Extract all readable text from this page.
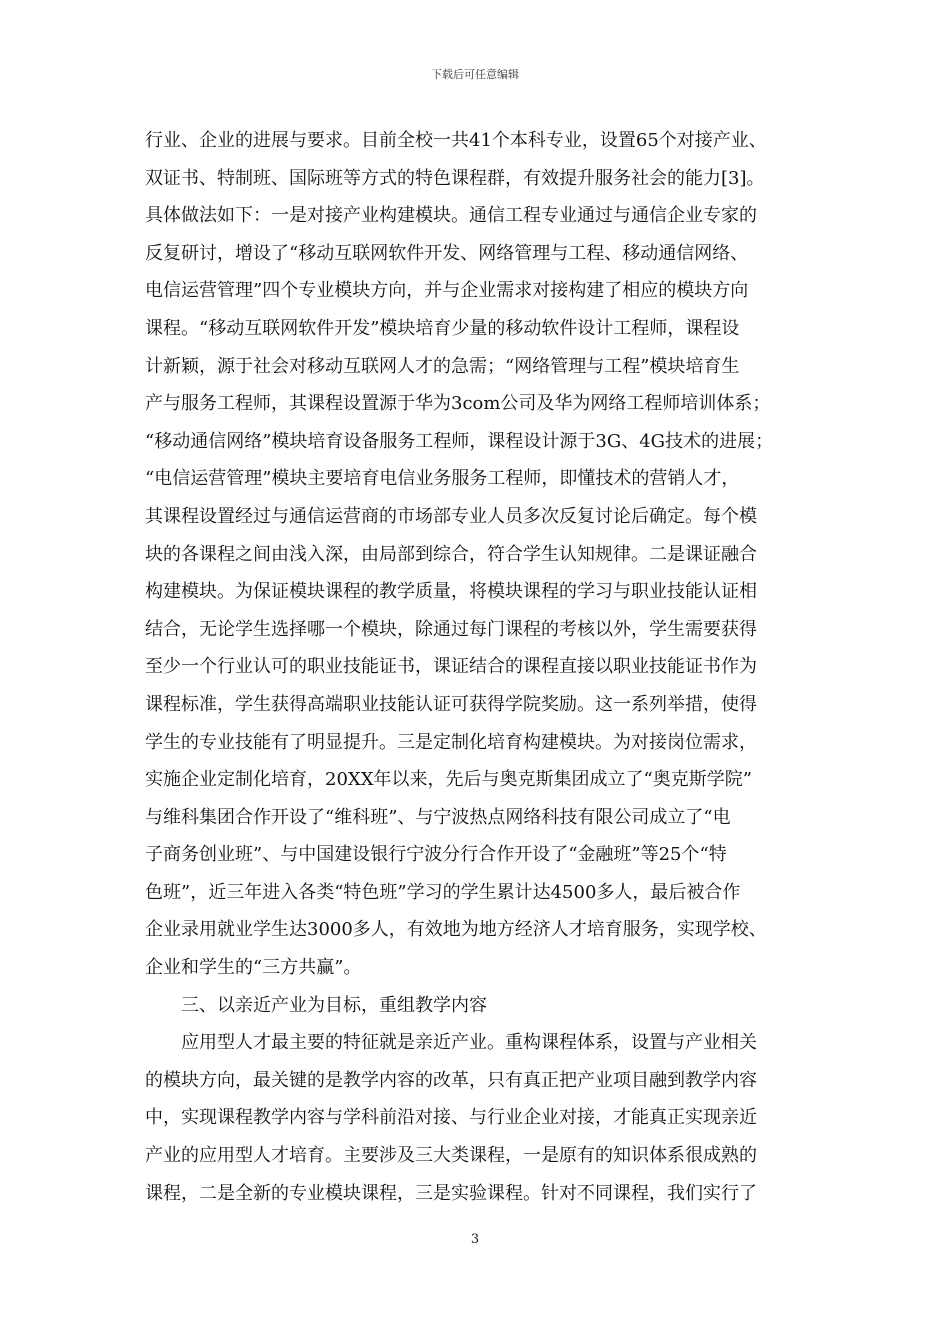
下载后可任意编辑
行业、企业的进展与要求。目前全校一共41个本科专业，设置65个对接产业、
双证书、特制班、国际班等方式的特色课程群，有效提升服务社会的能力[3]。
具体做法如下：一是对接产业构建模块。通信工程专业通过与通信企业专家的
反复研讨，增设了“移动互联网软件开发、网络管理与工程、移动通信网络、
电信运营管理”四个专业模块方向，并与企业需求对接构建了相应的模块方向
课程。“移动互联网软件开发”模块培育少量的移动软件设计工程师，课程设
计新颖，源于社会对移动互联网人才的急需；“网络管理与工程”模块培育生
产与服务工程师，其课程设置源于华为3com公司及华为网络工程师培训体系；
“移动通信网络”模块培育设备服务工程师，课程设计源于3G、4G技术的进展；
“电信运营管理”模块主要培育电信业务服务工程师，即懂技术的营销人才，
其课程设置经过与通信运营商的市场部专业人员多次反复讨论后确定。每个模
块的各课程之间由浅入深，由局部到综合，符合学生认知规律。二是课证融合
构建模块。为保证模块课程的教学质量，将模块课程的学习与职业技能认证相
结合，无论学生选择哪一个模块，除通过每门课程的考核以外，学生需要获得
至少一个行业认可的职业技能证书，课证结合的课程直接以职业技能证书作为
课程标准，学生获得高端职业技能认证可获得学院奖励。这一系列举措，使得
学生的专业技能有了明显提升。三是定制化培育构建模块。为对接岗位需求，
实施企业定制化培育，20XX年以来，先后与奥克斯集团成立了“奥克斯学院”
与维科集团合作开设了“维科班”、与宁波热点网络科技有限公司成立了“电
子商务创业班”、与中国建设银行宁波分行合作开设了“金融班”等25个“特
色班”，近三年进入各类“特色班”学习的学生累计达4500多人，最后被合作
企业录用就业学生达3000多人，有效地为地方经济人才培育服务，实现学校、
企业和学生的“三方共赢”。
三、以亲近产业为目标，重组教学内容
应用型人才最主要的特征就是亲近产业。重构课程体系，设置与产业相关
的模块方向，最关键的是教学内容的改革，只有真正把产业项目融到教学内容
中，实现课程教学内容与学科前沿对接、与行业企业对接，才能真正实现亲近
产业的应用型人才培育。主要涉及三大类课程，一是原有的知识体系很成熟的
课程，二是全新的专业模块课程，三是实验课程。针对不同课程，我们实行了
3
